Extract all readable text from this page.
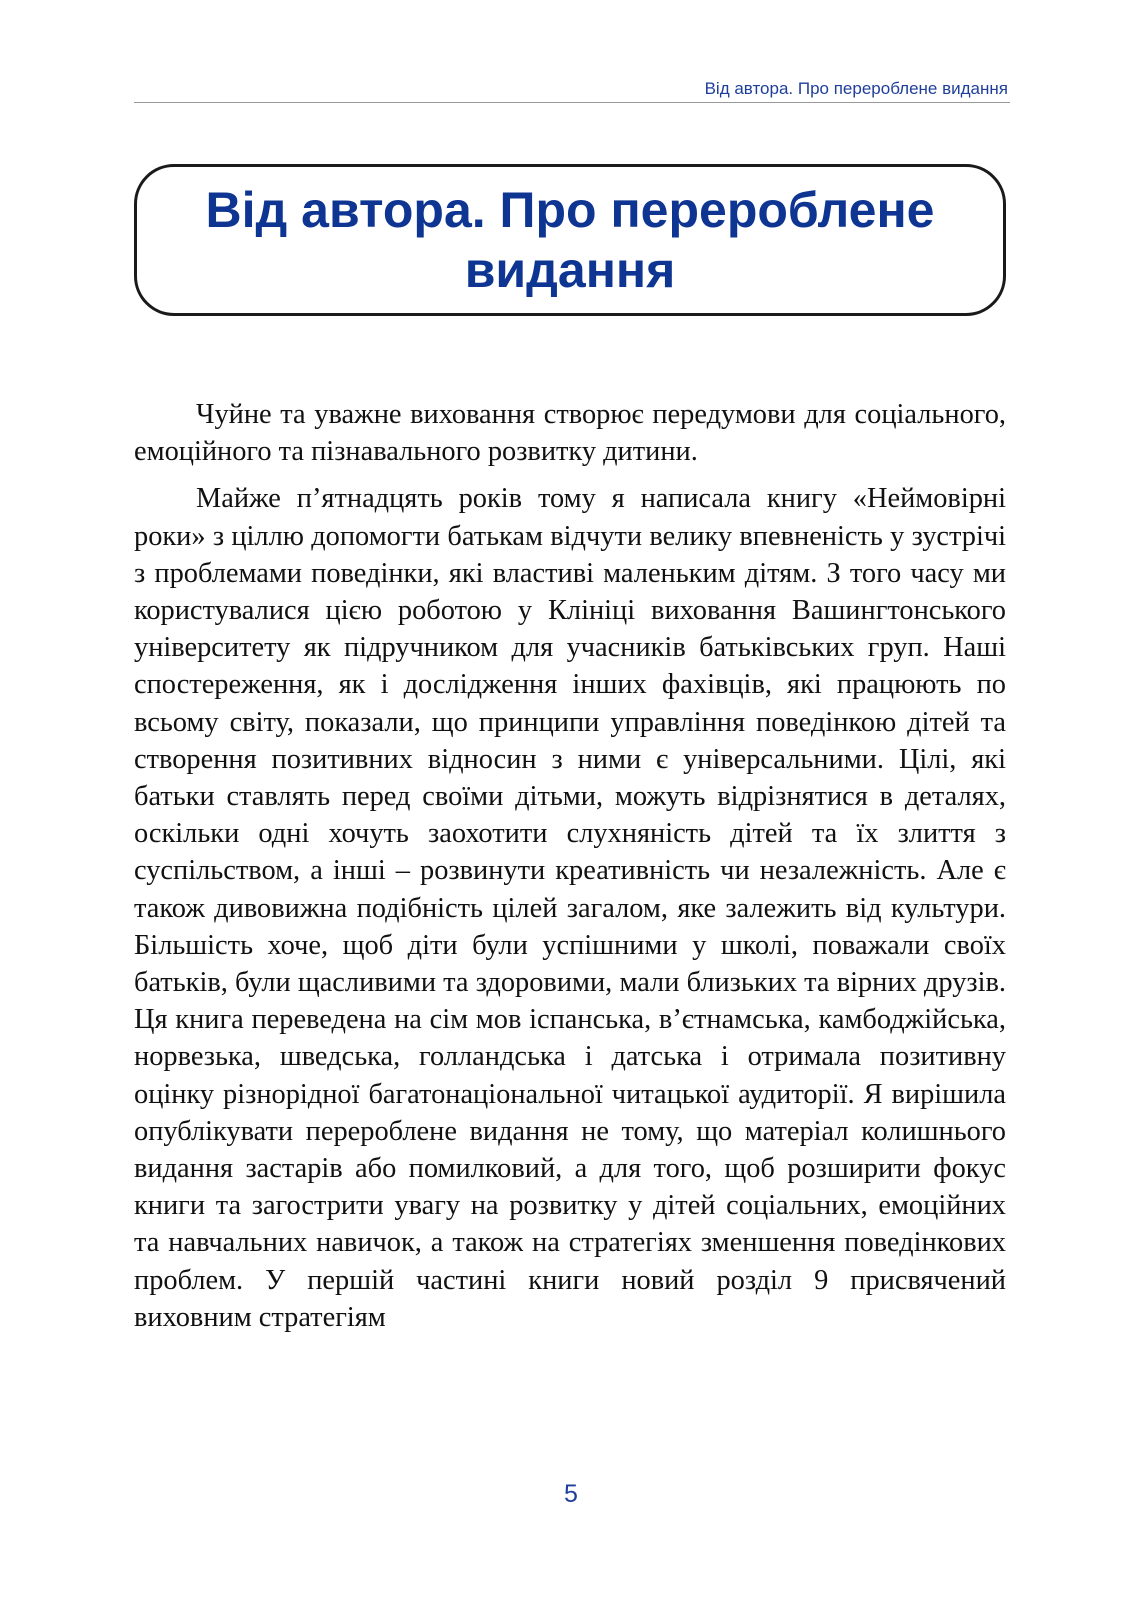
Від автора. Про перероблене видання
Від автора. Про перероблене видання

Чуйне та уважне виховання створює передумови для соціального, емоційного та пізнавального розвитку дитини.

Майже п’ятнадцять років тому я написала книгу «Неймовірні роки» з ціллю допомогти батькам відчути велику впевненість у зустрічі з проблемами поведінки, які властиві маленьким дітям. З того часу ми користувалися цією роботою у Клініці виховання Вашингтонського університету як підручником для учасників батьківських груп. Наші спостереження, як і дослідження інших фахівців, які працюють по всьому світу, показали, що принципи управління поведінкою дітей та створення позитивних відносин з ними є універсальними. Цілі, які батьки ставлять перед своїми дітьми, можуть відрізнятися в деталях, оскільки одні хочуть заохотити слухняність дітей та їх злиття з суспільством, а інші – розвинути креативність чи незалежність. Але є також дивовижна подібність цілей загалом, яке залежить від культури. Більшість хоче, щоб діти були успішними у школі, поважали своїх батьків, були щасливими та здоровими, мали близьких та вірних друзів. Ця книга переведена на сім мов іспанська, в’єтнамська, камбоджійська, норвезька, шведська, голландська і датська і отримала позитивну оцінку різнорідної багатонаціональної читацької аудиторії. Я вирішила опублікувати перероблене видання не тому, що матеріал колишнього видання застарів або помилковий, а для того, щоб розширити фокус книги та загострити увагу на розвитку у дітей соціальних, емоційних та навчальних навичок, а також на стратегіях зменшення поведінкових проблем. У першій частині книги новий розділ 9 присвячений виховним стратегіям

5
